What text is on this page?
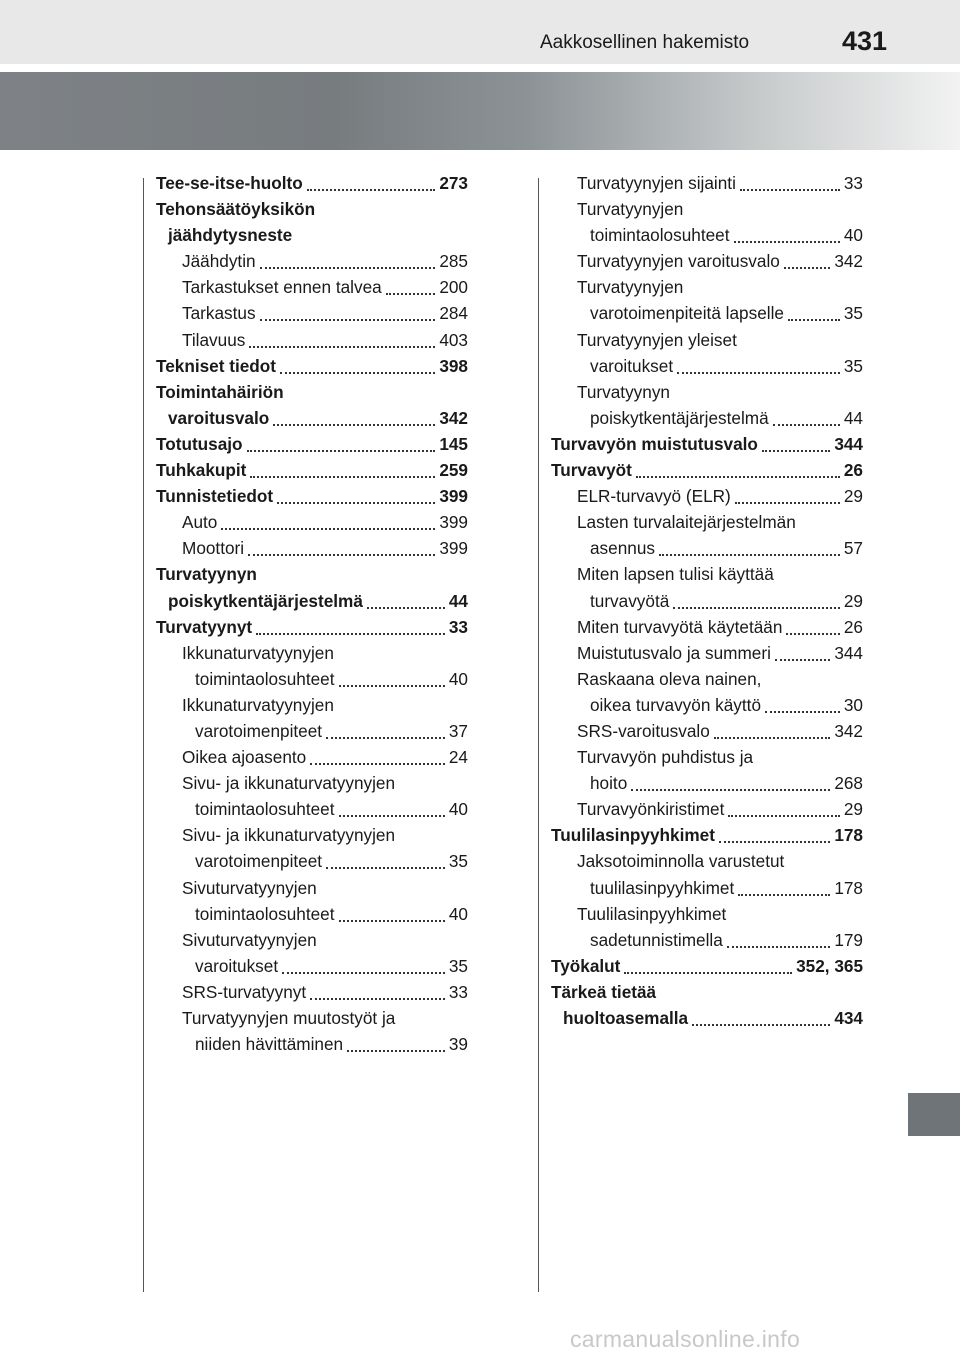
Aakkosellinen hakemisto	431
Tee-se-itse-huolto	273
Tehonsäätöyksikön
jäähdytysneste
Jäähdytin	285
Tarkastukset ennen talvea	200
Tarkastus	284
Tilavuus	403
Tekniset tiedot	398
Toimintahäiriön
varoitusvalo	342
Totutusajo	145
Tuhkakupit	259
Tunnistetiedot	399
Auto	399
Moottori	399
Turvatyynyn
poiskytkentäjärjestelmä	44
Turvatyynyt	33
Ikkunaturvatyynyjen
toimintaolosuhteet	40
Ikkunaturvatyynyjen
varotoimenpiteet	37
Oikea ajoasento	24
Sivu- ja ikkunaturvatyynyjen
toimintaolosuhteet	40
Sivu- ja ikkunaturvatyynyjen
varotoimenpiteet	35
Sivuturvatyynyjen
toimintaolosuhteet	40
Sivuturvatyynyjen
varoitukset	35
SRS-turvatyynyt	33
Turvatyynyjen muutostyöt ja
niiden hävittäminen	39
Turvatyynyjen sijainti	33
Turvatyynyjen
toimintaolosuhteet	40
Turvatyynyjen varoitusvalo	342
Turvatyynyjen
varotoimenpiteitä lapselle	35
Turvatyynyjen yleiset
varoitukset	35
Turvatyynyn
poiskytkentäjärjestelmä	44
Turvavyön muistutusvalo	344
Turvavyöt	26
ELR-turvavyö (ELR)	29
Lasten turvalaitejärjestelmän
asennus	57
Miten lapsen tulisi käyttää
turvavyötä	29
Miten turvavyötä käytetään	26
Muistutusvalo ja summeri	344
Raskaana oleva nainen,
oikea turvavyön käyttö	30
SRS-varoitusvalo	342
Turvavyön puhdistus ja
hoito	268
Turvavyönkiristimet	29
Tuulilasinpyyhkimet	178
Jaksotoiminnolla varustetut
tuulilasinpyyhkimet	178
Tuulilasinpyyhkimet
sadetunnistimella	179
Työkalut	352, 365
Tärkeä tietää
huoltoasemalla	434
carmanualsonline.info
